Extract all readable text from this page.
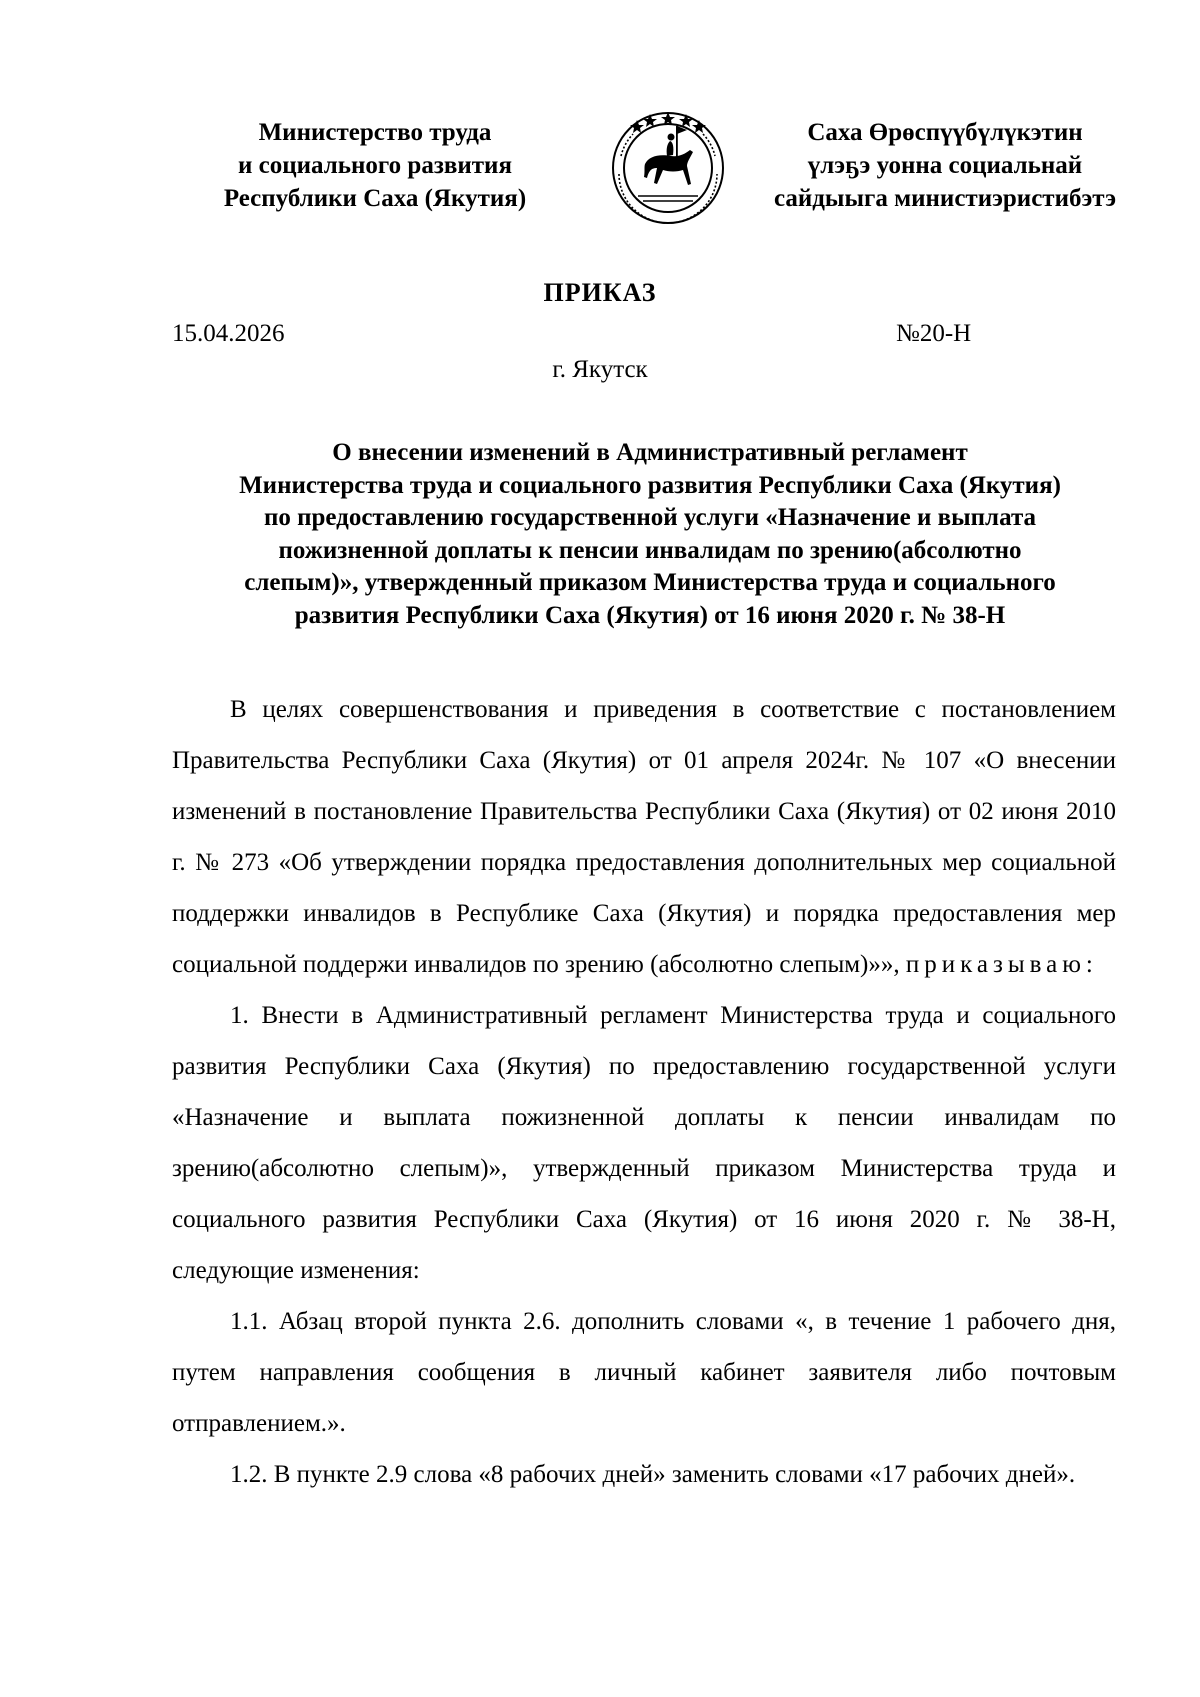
Министерство труда
и социального развития
Республики Саха (Якутия)
Саха Өрөспүүбүлүкэтин
үлэҕэ уонна социальнай
сайдыыга министиэристибэтэ
ПРИКАЗ
15.04.2026	№20-Н
г. Якутск
О внесении изменений в Административный регламент
Министерства труда и социального развития Республики Саха (Якутия)
по предоставлению государственной услуги «Назначение и выплата
пожизненной доплаты к пенсии инвалидам по зрению(абсолютно
слепым)», утвержденный приказом Министерства труда и социального
развития Республики Саха (Якутия) от 16 июня 2020 г. № 38-Н

В целях совершенствования и приведения в соответствие с постановлением Правительства Республики Саха (Якутия) от 01 апреля 2024г. № 107 «О внесении изменений в постановление Правительства Республики Саха (Якутия) от 02 июня 2010 г. № 273 «Об утверждении порядка предоставления дополнительных мер социальной поддержки инвалидов в Республике Саха (Якутия) и порядка предоставления мер социальной поддержи инвалидов по зрению (абсолютно слепым)»», приказываю:

1. Внести в Административный регламент Министерства труда и социального развития Республики Саха (Якутия) по предоставлению государственной услуги «Назначение и выплата пожизненной доплаты к пенсии инвалидам по зрению(абсолютно слепым)», утвержденный приказом Министерства труда и социального развития Республики Саха (Якутия) от 16 июня 2020 г. № 38-Н, следующие изменения:

1.1. Абзац второй пункта 2.6. дополнить словами «, в течение 1 рабочего дня, путем направления сообщения в личный кабинет заявителя либо почтовым отправлением.».

1.2. В пункте 2.9 слова «8 рабочих дней» заменить словами «17 рабочих дней».
